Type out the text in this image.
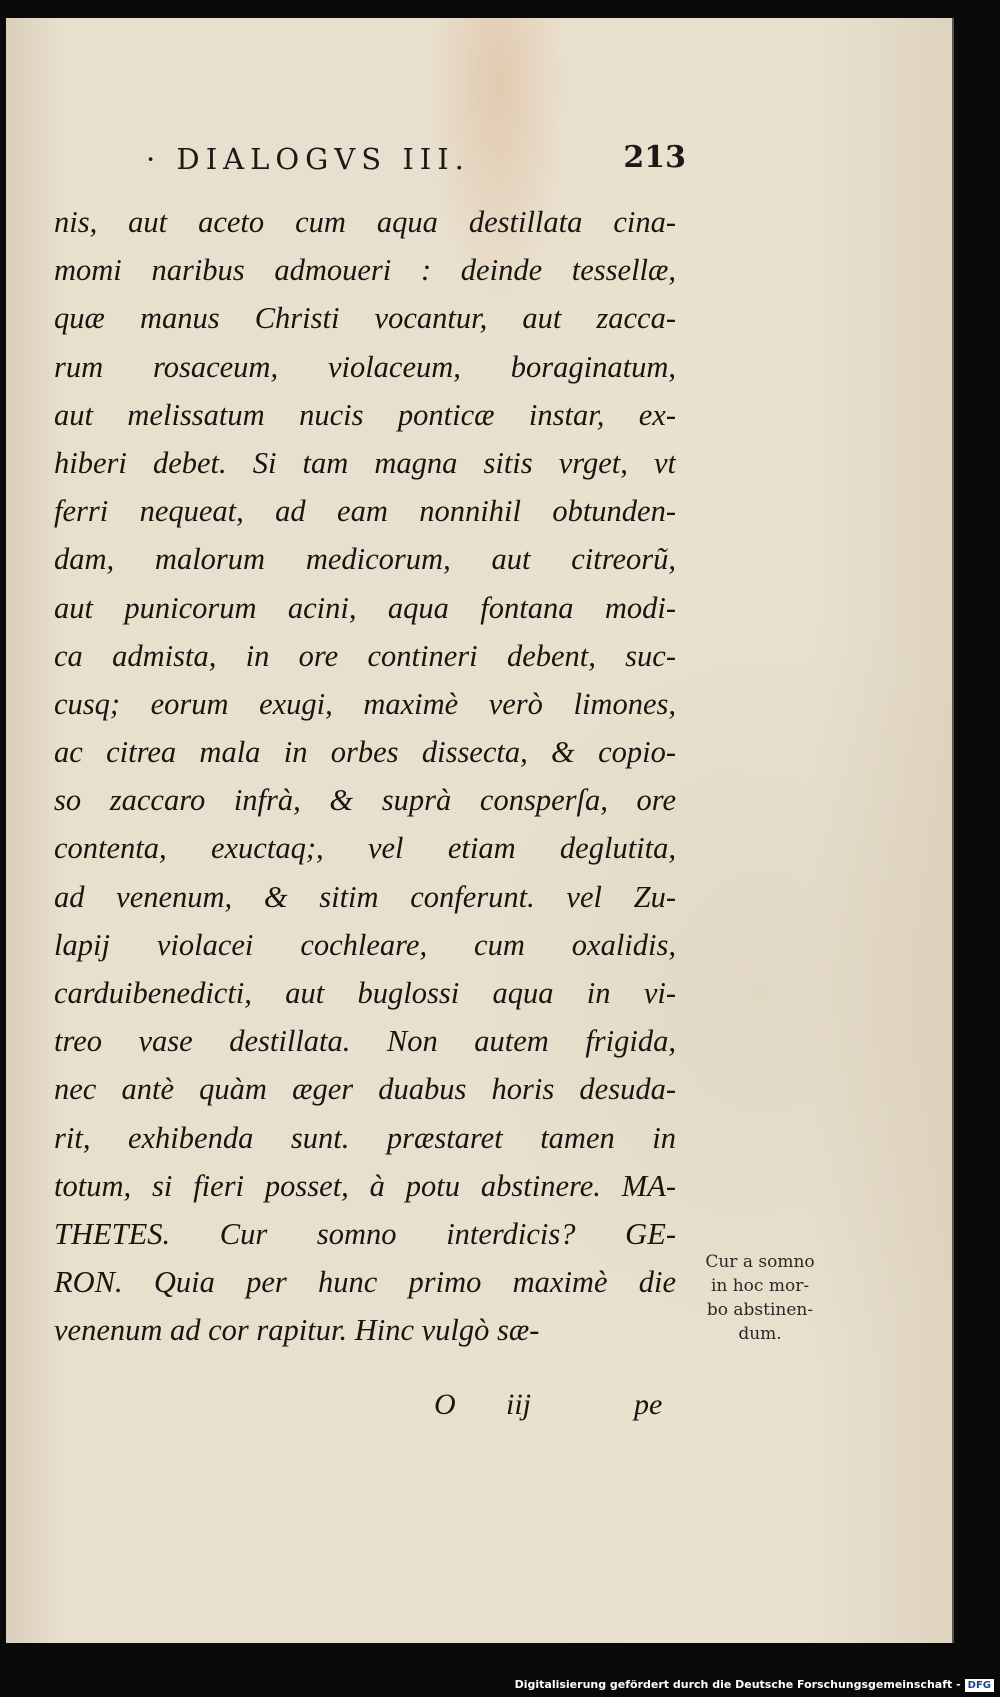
· DIALOGVS III.	213
nis, aut aceto cum aqua destillata cina-
momi naribus admoueri : deinde tessellæ,
quæ manus Christi vocantur, aut zacca-
rum rosaceum, violaceum, boraginatum,
aut melissatum nucis ponticæ instar, ex-
hiberi debet. Si tam magna sitis vrget, vt
ferri nequeat, ad eam nonnihil obtunden-
dam, malorum medicorum, aut citreorũ,
aut punicorum acini, aqua fontana modi-
ca admista, in ore contineri debent, suc-
cusq; eorum exugi, maximè verò limones,
ac citrea mala in orbes dissecta, & copio-
so zaccaro infrà, & suprà consperſa, ore
contenta, exuctaq;, vel etiam deglutita,
ad venenum, & sitim conferunt. vel Zu-
lapij violacei cochleare, cum oxalidis,
carduibenedicti, aut buglossi aqua in vi-
treo vase destillata. Non autem frigida,
nec antè quàm æger duabus horis desuda-
rit, exhibenda sunt. præstaret tamen in
totum, si fieri posset, à potu abstinere. MA-
THETES. Cur somno interdicis? GE-
RON. Quia per hunc primo maximè die
venenum ad cor rapitur. Hinc vulgò sæ-
O iij	pe
Cur a somno
in hoc mor-
bo abstinen-
dum.
Digitalisierung gefördert durch die Deutsche Forschungsgemeinschaft - DFG
